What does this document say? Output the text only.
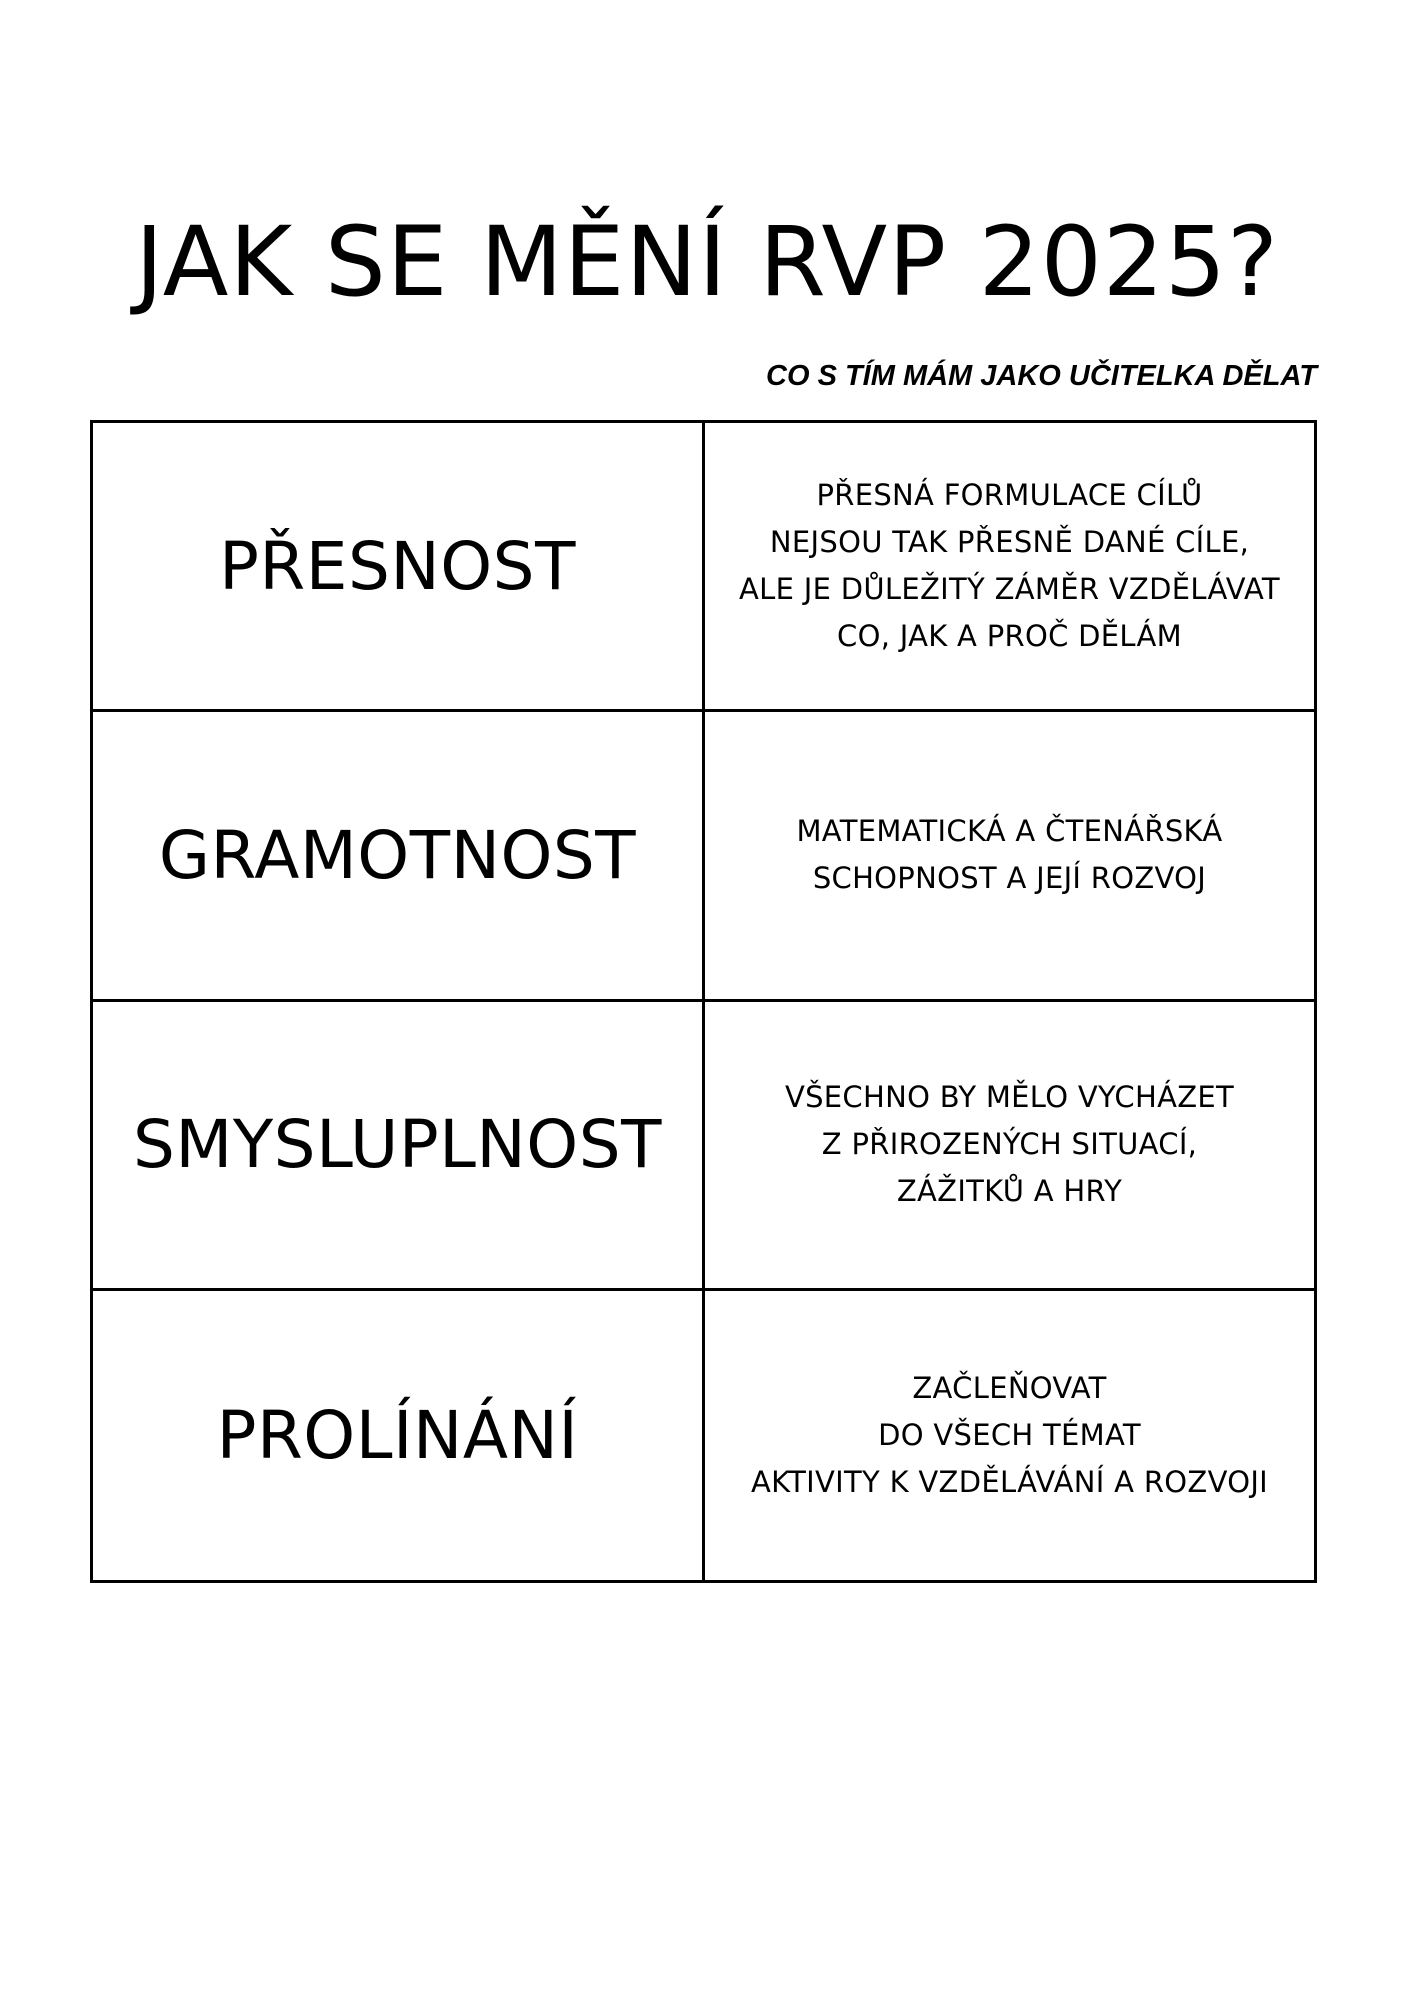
JAK SE MĚNÍ RVP 2025?
CO S TÍM MÁM JAKO UČITELKA DĚLAT
PŘESNOST
PŘESNÁ FORMULACE CÍLŮ
NEJSOU TAK PŘESNĚ DANÉ CÍLE,
ALE JE DŮLEŽITÝ ZÁMĚR VZDĚLÁVAT
CO, JAK A PROČ DĚLÁM
GRAMOTNOST	MATEMATICKÁ A ČTENÁŘSKÁ
SCHOPNOST A JEJÍ ROZVOJ
SMYSLUPLNOST
VŠECHNO BY MĚLO VYCHÁZET
Z PŘIROZENÝCH SITUACÍ,
ZÁŽITKŮ A HRY
PROLÍNÁNÍ
ZAČLEŇOVAT
DO VŠECH TÉMAT
AKTIVITY K VZDĚLÁVÁNÍ A ROZVOJI
